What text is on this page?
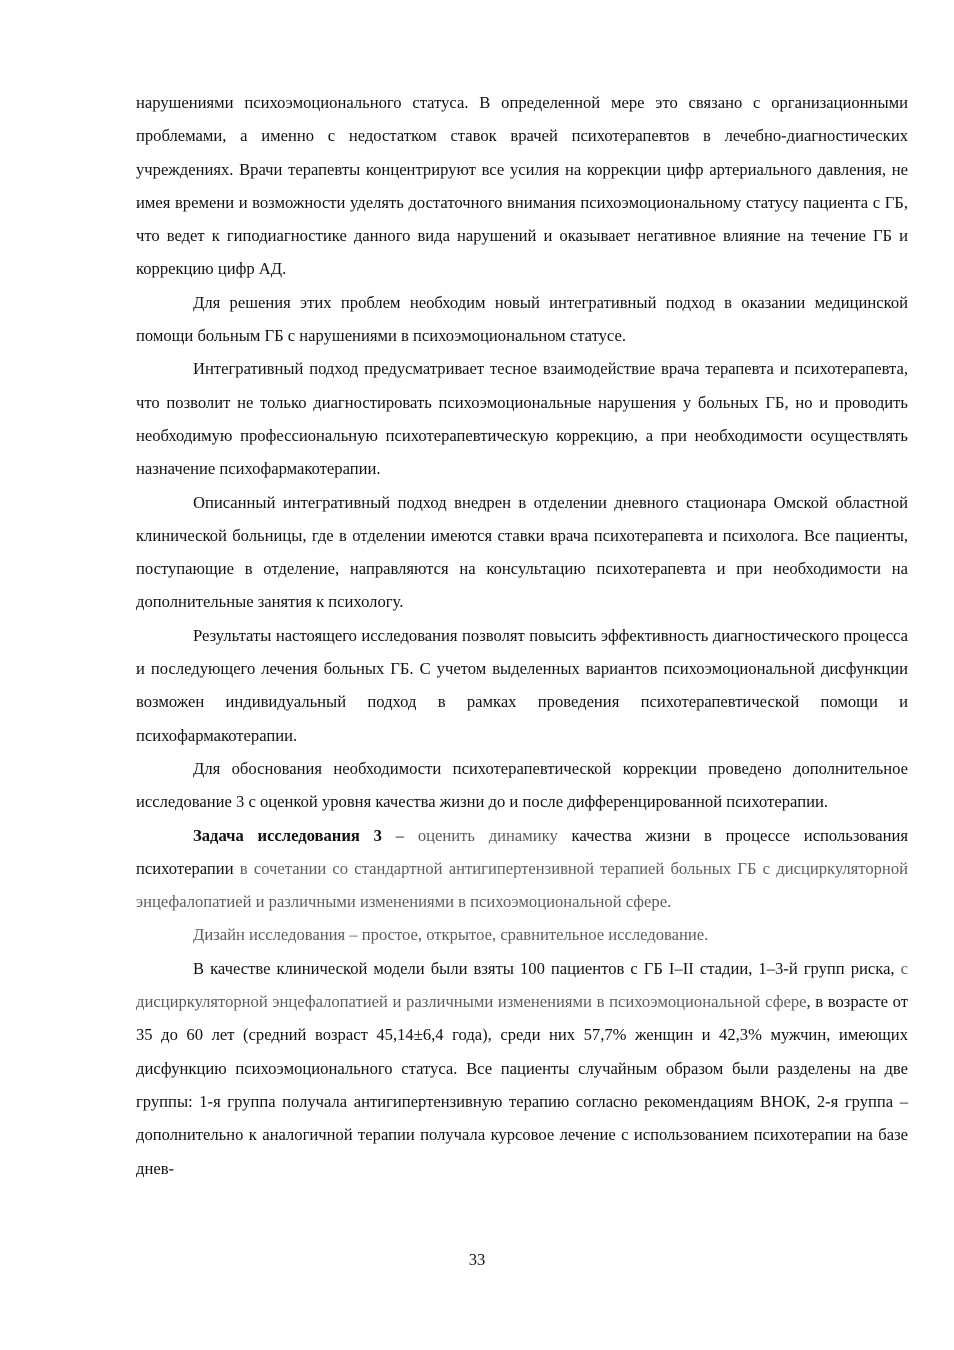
нарушениями психоэмоционального статуса. В определенной мере это связано с организационными проблемами, а именно с недостатком ставок врачей психотерапевтов в лечебно-диагностических учреждениях. Врачи терапевты концентрируют все усилия на коррекции цифр артериального давления, не имея времени и возможности уделять достаточного внимания психоэмоциональному статусу пациента с ГБ, что ведет к гиподиагностике данного вида нарушений и оказывает негативное влияние на течение ГБ и коррекцию цифр АД.

Для решения этих проблем необходим новый интегративный подход в оказании медицинской помощи больным ГБ с нарушениями в психоэмоциональном статусе.

Интегративный подход предусматривает тесное взаимодействие врача терапевта и психотерапевта, что позволит не только диагностировать психоэмоциональные нарушения у больных ГБ, но и проводить необходимую профессиональную психотерапевтическую коррекцию, а при необходимости осуществлять назначение психофармакотерапии.

Описанный интегративный подход внедрен в отделении дневного стационара Омской областной клинической больницы, где в отделении имеются ставки врача психотерапевта и психолога. Все пациенты, поступающие в отделение, направляются на консультацию психотерапевта и при необходимости на дополнительные занятия к психологу.

Результаты настоящего исследования позволят повысить эффективность диагностического процесса и последующего лечения больных ГБ. С учетом выделенных вариантов психоэмоциональной дисфункции возможен индивидуальный подход в рамках проведения психотерапевтической помощи и психофармакотерапии.

Для обоснования необходимости психотерапевтической коррекции проведено дополнительное исследование 3 с оценкой уровня качества жизни до и после дифференцированной психотерапии.

Задача исследования 3 – оценить динамику качества жизни в процессе использования психотерапии в сочетании со стандартной антигипертензивной терапией больных ГБ с дисциркуляторной энцефалопатией и различными изменениями в психоэмоциональной сфере.

Дизайн исследования – простое, открытое, сравнительное исследование.

В качестве клинической модели были взяты 100 пациентов с ГБ I–II стадии, 1–3-й групп риска, с дисциркуляторной энцефалопатией и различными изменениями в психоэмоциональной сфере, в возрасте от 35 до 60 лет (средний возраст 45,14±6,4 года), среди них 57,7% женщин и 42,3% мужчин, имеющих дисфункцию психоэмоционального статуса. Все пациенты случайным образом были разделены на две группы: 1-я группа получала антигипертензивную терапию согласно рекомендациям ВНОК, 2-я группа – дополнительно к аналогичной терапии получала курсовое лечение с использованием психотерапии на базе днев-

33
